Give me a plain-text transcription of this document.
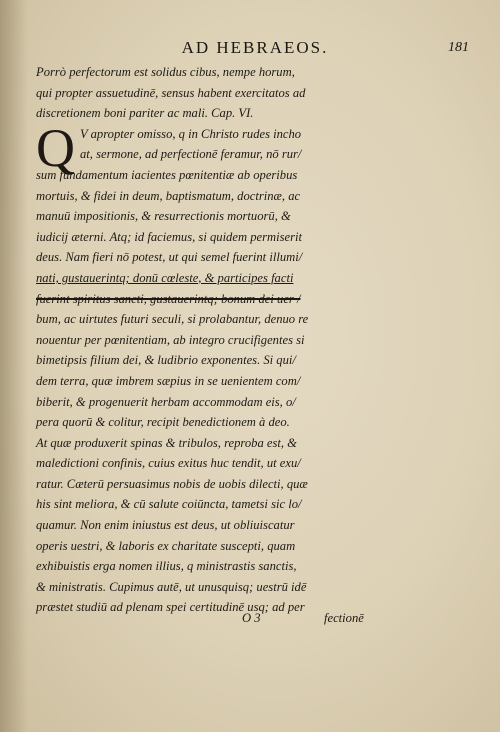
AD HEBRAEOS.	181
Q
Porrò perfectorum est solidus cibus, nempe horum,
qui propter assuetudinē, sensus habent exercitatos ad
discretionem boni pariter ac mali. Cap. VI.
V apropter omisso, q in Christo rudes incho
at, sermone, ad perfectionē feramur, nō rur/
sum fundamentum iacientes pœnitentiæ ab operibus
mortuis, & fidei in deum, baptismatum, doctrinæ, ac
manuū impositionis, & resurrectionis mortuorū, &
iudicij æterni. Atq; id faciemus, si quidem permiserit
deus. Nam fieri nō potest, ut qui semel fuerint illumi/
nati, gustauerintq; donū cœleste, & participes facti
fuerint spiritus sancti, gustauerintq; bonum dei uer /
bum, ac uirtutes futuri seculi, si prolabantur, denuo re
nouentur per pœnitentiam, ab integro crucifigentes si
bimetipsis filium dei, & ludibrio exponentes. Si qui/
dem terra, quæ imbrem sæpius in se uenientem com/
biberit, & progenuerit herbam accommodam eis, o/
pera quorū & colitur, recipit benedictionem à deo.
At quæ produxerit spinas & tribulos, reproba est, &
maledictioni confinis, cuius exitus huc tendit, ut exu/
ratur. Cæterū persuasimus nobis de uobis dilecti, quæ
his sint meliora, & cū salute coiūncta, tametsi sic lo/
quamur. Non enim iniustus est deus, ut obliuiscatur
operis uestri, & laboris ex charitate suscepti, quam
exhibuistis erga nomen illius, q ministrastis sanctis,
& ministratis. Cupimus autē, ut unusquisq; uestrū idē
præstet studiū ad plenam spei certitudinē usq; ad per
O 3	fectionē
